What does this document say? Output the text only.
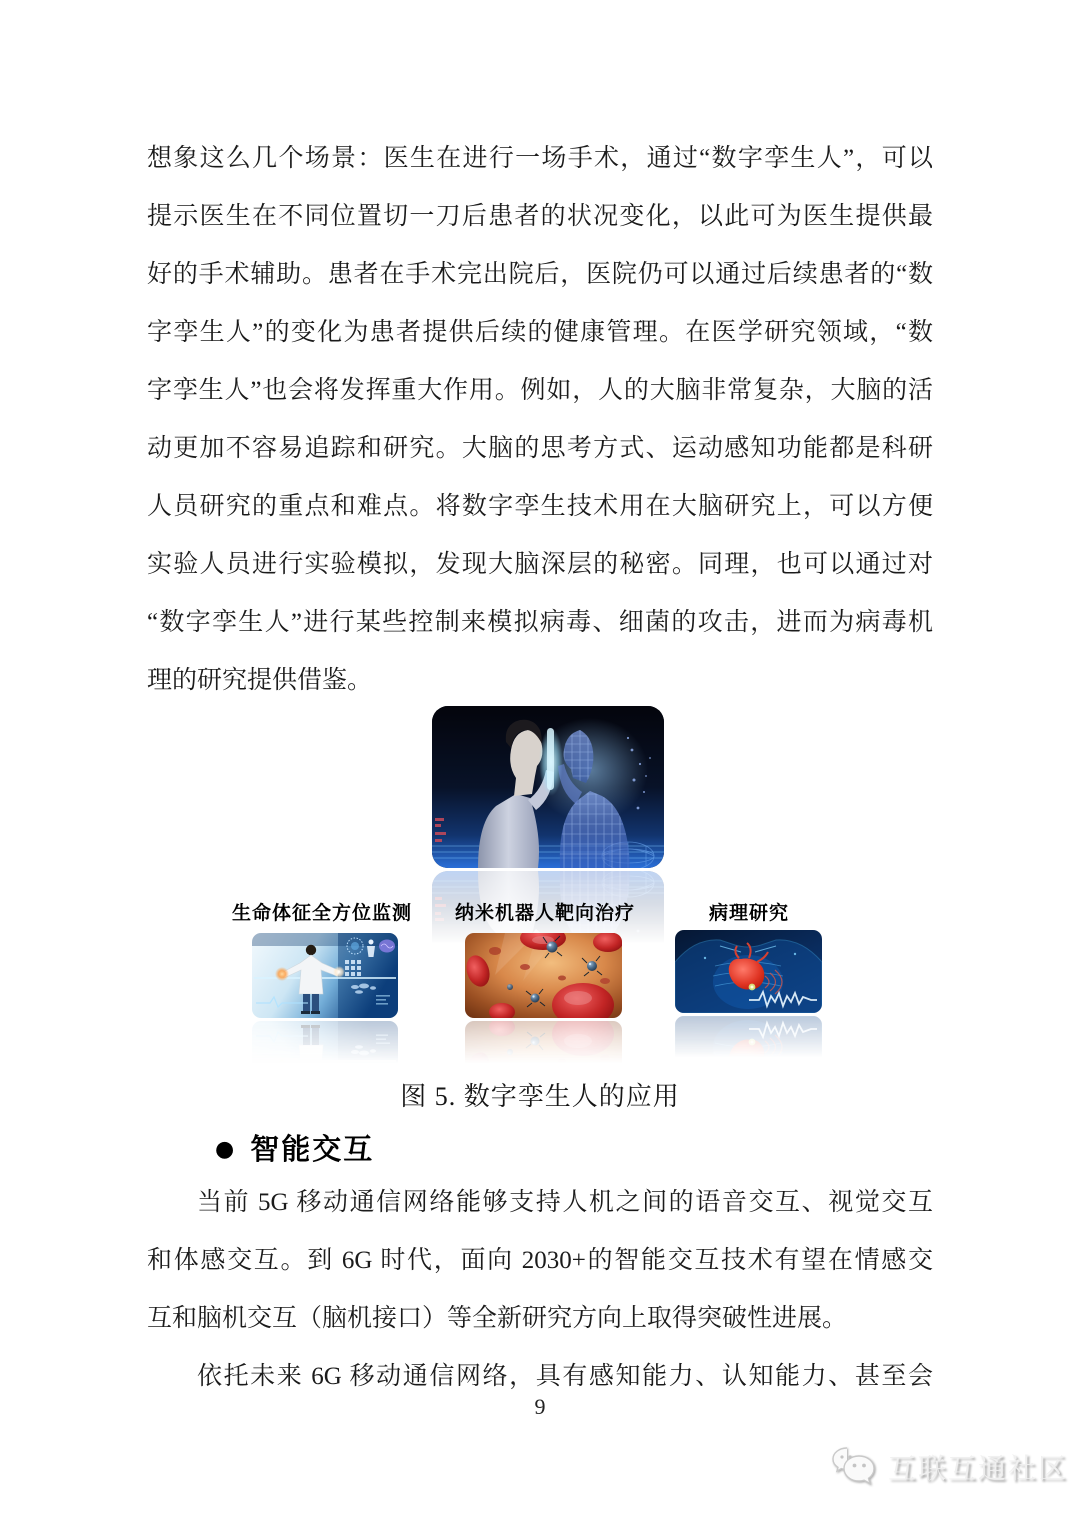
想象这么几个场景：医生在进行一场手术，通过“数字孪生人”，可以
提示医生在不同位置切一刀后患者的状况变化，以此可为医生提供最
好的手术辅助。患者在手术完出院后，医院仍可以通过后续患者的“数
字孪生人”的变化为患者提供后续的健康管理。在医学研究领域，“数
字孪生人”也会将发挥重大作用。例如，人的大脑非常复杂，大脑的活
动更加不容易追踪和研究。大脑的思考方式、运动感知功能都是科研
人员研究的重点和难点。将数字孪生技术用在大脑研究上，可以方便
实验人员进行实验模拟，发现大脑深层的秘密。同理，也可以通过对
“数字孪生人”进行某些控制来模拟病毒、细菌的攻击，进而为病毒机
理的研究提供借鉴。
生命体征全方位监测 纳米机器人靶向治疗	病理研究
图 5. 数字孪生人的应用
● 智能交互
当前 5G 移动通信网络能够支持人机之间的语音交互、视觉交互
和体感交互。到 6G 时代，面向 2030+的智能交互技术有望在情感交
互和脑机交互（脑机接口）等全新研究方向上取得突破性进展。
依托未来 6G 移动通信网络，具有感知能力、认知能力、甚至会
9
互联互通社区
